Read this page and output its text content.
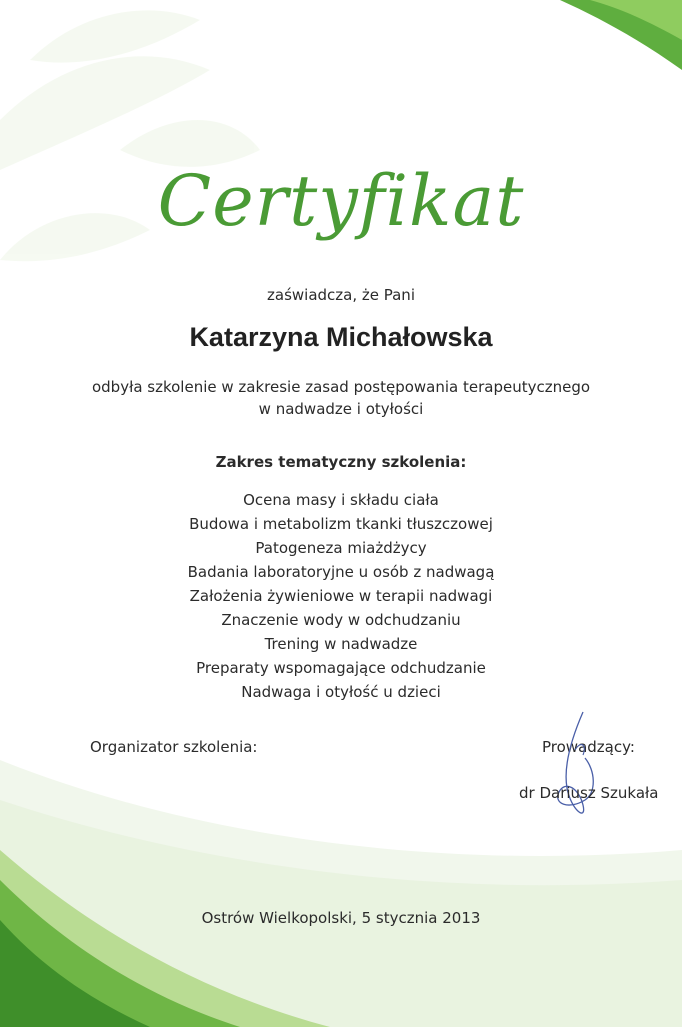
Certyfikat
zaświadcza, że Pani
Katarzyna Michałowska
odbyła szkolenie w zakresie zasad postępowania terapeutycznego
w nadwadze i otyłości
Zakres tematyczny szkolenia:
Ocena masy i składu ciała
Budowa i metabolizm tkanki tłuszczowej
Patogeneza miażdżycy
Badania laboratoryjne u osób z nadwagą
Założenia żywieniowe w terapii nadwagi
Znaczenie wody w odchudzaniu
Trening w nadwadze
Preparaty wspomagające odchudzanie
Nadwaga i otyłość u dzieci
Organizator szkolenia:	Prowadzący:
dr Dariusz Szukała
Ostrów Wielkopolski, 5 stycznia 2013
